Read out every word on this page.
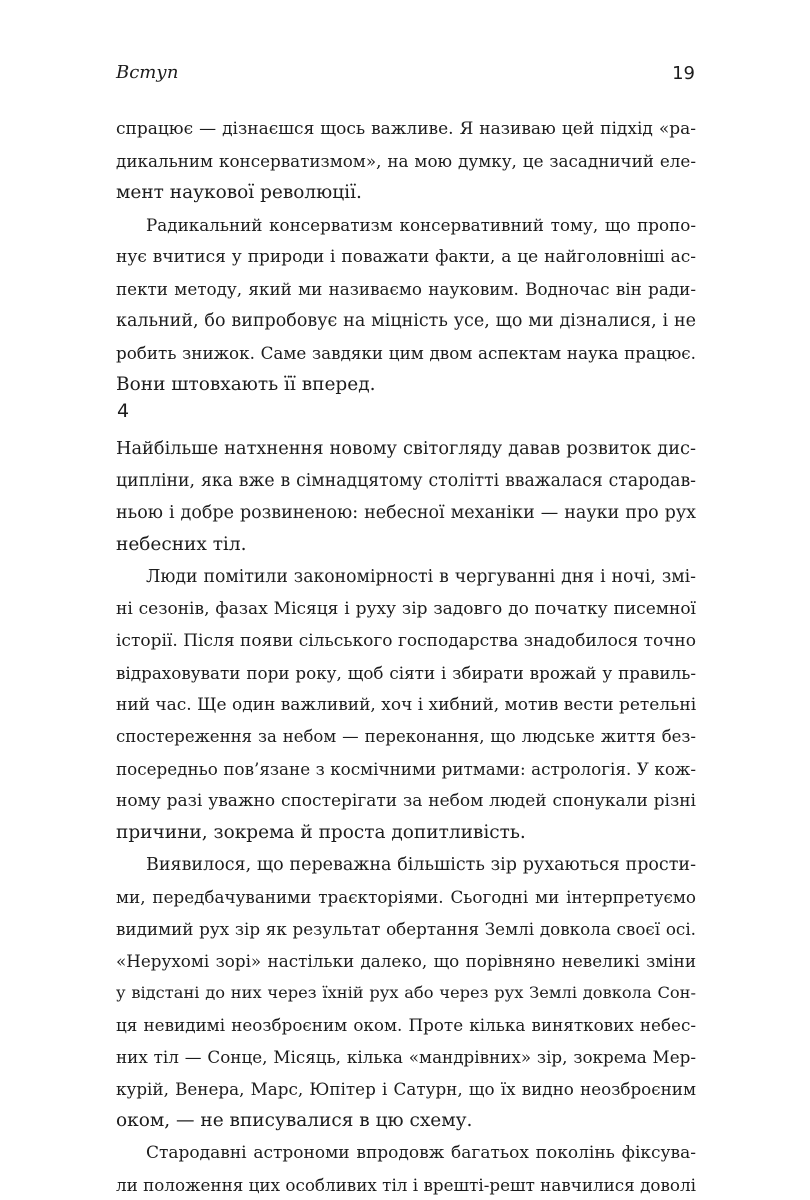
Вступ	19
спрацює — дізнаєшся щось важливе. Я називаю цей підхід «ра-
дикальним консерватизмом», на мою думку, це засадничий еле-
мент наукової революції.
Радикальний консерватизм консервативний тому, що пропо-
нує вчитися у природи і поважати факти, а це найголовніші ас-
пекти методу, який ми називаємо науковим. Водночас він ради-
кальний, бо випробовує на міцність усе, що ми дізналися, і не
робить знижок. Саме завдяки цим двом аспектам наука працює.
Вони штовхають її вперед.
4
Найбільше натхнення новому світогляду давав розвиток дис-
ципліни, яка вже в сімнадцятому столітті вважалася стародав-
ньою і добре розвиненою: небесної механіки — науки про рух
небесних тіл.
Люди помітили закономірності в чергуванні дня і ночі, змі-
ні сезонів, фазах Місяця і руху зір задовго до початку писемної
історії. Після появи сільського господарства знадобилося точно
відраховувати пори року, щоб сіяти і збирати врожай у правиль-
ний час. Ще один важливий, хоч і хибний, мотив вести ретельні
спостереження за небом — переконання, що людське життя без-
посередньо пов’язане з космічними ритмами: астрологія. У кож-
ному разі уважно спостерігати за небом людей спонукали різні
причини, зокрема й проста допитливість.
Виявилося, що переважна більшість зір рухаються прости-
ми, передбачуваними траєкторіями. Сьогодні ми інтерпретуємо
видимий рух зір як результат обертання Землі довкола своєї осі.
«Нерухомі зорі» настільки далеко, що порівняно невеликі зміни
у відстані до них через їхній рух або через рух Землі довкола Сон-
ця невидимі неозброєним оком. Проте кілька виняткових небес-
них тіл — Сонце, Місяць, кілька «мандрівних» зір, зокрема Мер-
курій, Венера, Марс, Юпітер і Сатурн, що їх видно неозброєним
оком, — не вписувалися в цю схему.
Стародавні астрономи впродовж багатьох поколінь фіксува-
ли положення цих особливих тіл і врешті-решт навчилися доволі
